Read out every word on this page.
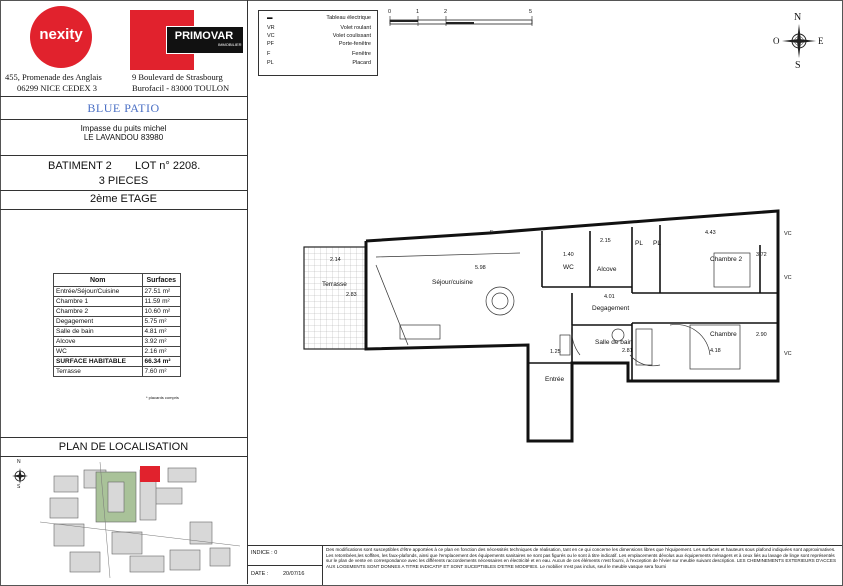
nexity	PRIMOVAR
IMMOBILIER
455, Promenade des Anglais
06299 NICE CEDEX 3
9 Boulevard de Strasbourg
Burofacil - 83000 TOULON
BLUE PATIO
Impasse du puits michel
LE LAVANDOU 83980
BATIMENT 2 LOT n° 2208.
3 PIECES
2ème ETAGE
Nom	Surfaces
Entrée/Séjour/Cuisine	27.51 m²
Chambre 1	11.59 m²
Chambre 2	10.60 m²
Degagement	5.75 m²
Salle de bain	4.81 m²
Alcove	3.92 m²
WC	2.16 m²
SURFACE HABITABLE	66.34 m²
Terrasse	7.60 m²
* placards compris
PLAN DE LOCALISATION
N
S
▬	Tableau électrique
VR	Volet roulant
VC	Volet coulissant
PF	Porte-fenêtre
F	Fenêtre
PL	Placard
0	1	2	5	N
S
E
O
Terrasse	Séjour/cuisine
WC	Alcove
Degagement
Salle de bain
Chambre 2
Chambre
Entrée
PL PL
2.14
5.98
2.15
4.43
4.01
2.81	4.18
1.25
1.40
2.83
3.72
2.90
F	VC
VC
VC
INDICE : 0
DATE :	20/07/16
Des modifications sont susceptibles d'être apportées à ce plan en fonction des nécessités techniques de réalisation, tant en ce qui concerne les dimensions libres que l'équipement. Les surfaces et hauteurs sous plafond indiquées sont approximatives. Les retombées,les soffites, les faux-plafonds, ainsi que l'emplacement des équipements sanitaires ne sont pas figurés ou le sont à titre indicatif. Les emplacements dévolus aux équipements ménagers et à ceux liés au lavage de linge sont représentés sur le plan de vente en correspondance avec les différents raccordements nécessaires en électricité et en eau. Aucun de ces éléments n'est fourni, à l'exception de l'évier sur meuble suivant description. LES CHEMINEMENTS EXTERIEURS D'ACCES AUX LOGEMENTS SONT DONNES A TITRE INDICATIF ET SONT SUCEPTIBLES D'ETRE MODIFIES. Le mobilier n'est pas inclus, seul le meuble vasque sera fourni
